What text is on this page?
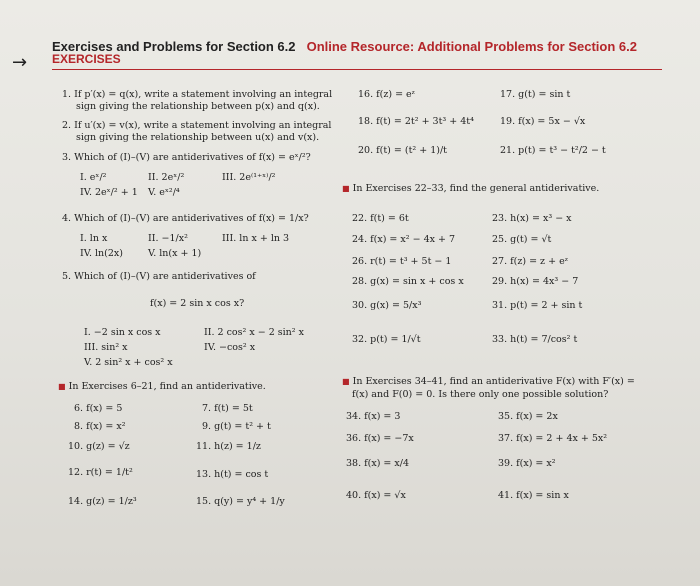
→
Exercises and Problems for Section 6.2 Online Resource: Additional Problems for Section 6.2
EXERCISES
1. If p′(x) = q(x), write a statement involving an integral
sign giving the relationship between p(x) and q(x).
2. If u′(x) = v(x), write a statement involving an integral
sign giving the relationship between u(x) and v(x).
3. Which of (I)–(V) are antiderivatives of f(x) = eˣ/²?
I. eˣ/²	II. 2eˣ/²	III. 2e⁽¹⁺ˣ⁾/²
IV. 2eˣ/² + 1 V. eˣ²/⁴
4. Which of (I)–(V) are antiderivatives of f(x) = 1/x?
I. ln x	II. −1/x²	III. ln x + ln 3
IV. ln(2x)	V. ln(x + 1)
5. Which of (I)–(V) are antiderivatives of
f(x) = 2 sin x cos x?
I. −2 sin x cos x	II. 2 cos² x − 2 sin² x
III. sin² x	IV. −cos² x
V. 2 sin² x + cos² x
■ In Exercises 6–21, find an antiderivative.
6. f(x) = 5	7. f(t) = 5t
8. f(x) = x²	9. g(t) = t² + t
10. g(z) = √z	11. h(z) = 1/z
12. r(t) = 1/t²	13. h(t) = cos t
14. g(z) = 1/z³	15. q(y) = y⁴ + 1/y
16. f(z) = eᶻ	17. g(t) = sin t
18. f(t) = 2t² + 3t³ + 4t⁴	19. f(x) = 5x − √x
20. f(t) = (t² + 1)/t	21. p(t) = t³ − t²/2 − t
■ In Exercises 22–33, find the general antiderivative.
22. f(t) = 6t	23. h(x) = x³ − x
24. f(x) = x² − 4x + 7	25. g(t) = √t
26. r(t) = t³ + 5t − 1	27. f(z) = z + eᶻ
28. g(x) = sin x + cos x	29. h(x) = 4x³ − 7
30. g(x) = 5/x³	31. p(t) = 2 + sin t
32. p(t) = 1/√t	33. h(t) = 7/cos² t
■ In Exercises 34–41, find an antiderivative F(x) with F′(x) =
f(x) and F(0) = 0. Is there only one possible solution?
34. f(x) = 3	35. f(x) = 2x
36. f(x) = −7x	37. f(x) = 2 + 4x + 5x²
38. f(x) = x/4	39. f(x) = x²
40. f(x) = √x	41. f(x) = sin x
